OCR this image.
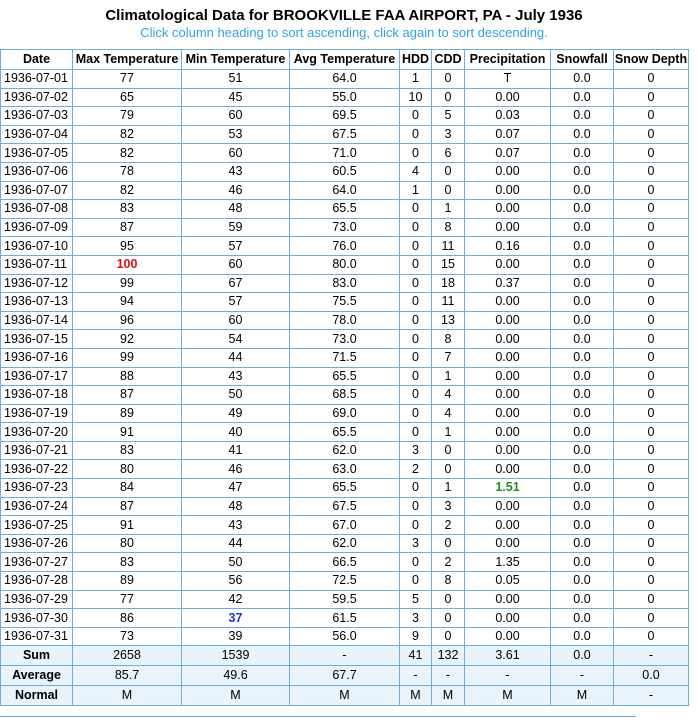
Climatological Data for BROOKVILLE FAA AIRPORT, PA - July 1936
Click column heading to sort ascending, click again to sort descending.
Date	Max Temperature	Min Temperature	Avg Temperature	HDD	CDD	Precipitation	Snowfall	Snow Depth
1936-07-01	77	51	64.0	1	0	T	0.0	0
1936-07-02	65	45	55.0	10	0	0.00	0.0	0
1936-07-03	79	60	69.5	0	5	0.03	0.0	0
1936-07-04	82	53	67.5	0	3	0.07	0.0	0
1936-07-05	82	60	71.0	0	6	0.07	0.0	0
1936-07-06	78	43	60.5	4	0	0.00	0.0	0
1936-07-07	82	46	64.0	1	0	0.00	0.0	0
1936-07-08	83	48	65.5	0	1	0.00	0.0	0
1936-07-09	87	59	73.0	0	8	0.00	0.0	0
1936-07-10	95	57	76.0	0	11	0.16	0.0	0
1936-07-11	100	60	80.0	0	15	0.00	0.0	0
1936-07-12	99	67	83.0	0	18	0.37	0.0	0
1936-07-13	94	57	75.5	0	11	0.00	0.0	0
1936-07-14	96	60	78.0	0	13	0.00	0.0	0
1936-07-15	92	54	73.0	0	8	0.00	0.0	0
1936-07-16	99	44	71.5	0	7	0.00	0.0	0
1936-07-17	88	43	65.5	0	1	0.00	0.0	0
1936-07-18	87	50	68.5	0	4	0.00	0.0	0
1936-07-19	89	49	69.0	0	4	0.00	0.0	0
1936-07-20	91	40	65.5	0	1	0.00	0.0	0
1936-07-21	83	41	62.0	3	0	0.00	0.0	0
1936-07-22	80	46	63.0	2	0	0.00	0.0	0
1936-07-23	84	47	65.5	0	1	1.51	0.0	0
1936-07-24	87	48	67.5	0	3	0.00	0.0	0
1936-07-25	91	43	67.0	0	2	0.00	0.0	0
1936-07-26	80	44	62.0	3	0	0.00	0.0	0
1936-07-27	83	50	66.5	0	2	1.35	0.0	0
1936-07-28	89	56	72.5	0	8	0.05	0.0	0
1936-07-29	77	42	59.5	5	0	0.00	0.0	0
1936-07-30	86	37	61.5	3	0	0.00	0.0	0
1936-07-31	73	39	56.0	9	0	0.00	0.0	0
Sum	2658	1539	-	41	132	3.61	0.0	-
Average	85.7	49.6	67.7	-	-	-	-	0.0
Normal	M	M	M	M	M	M	M	-
